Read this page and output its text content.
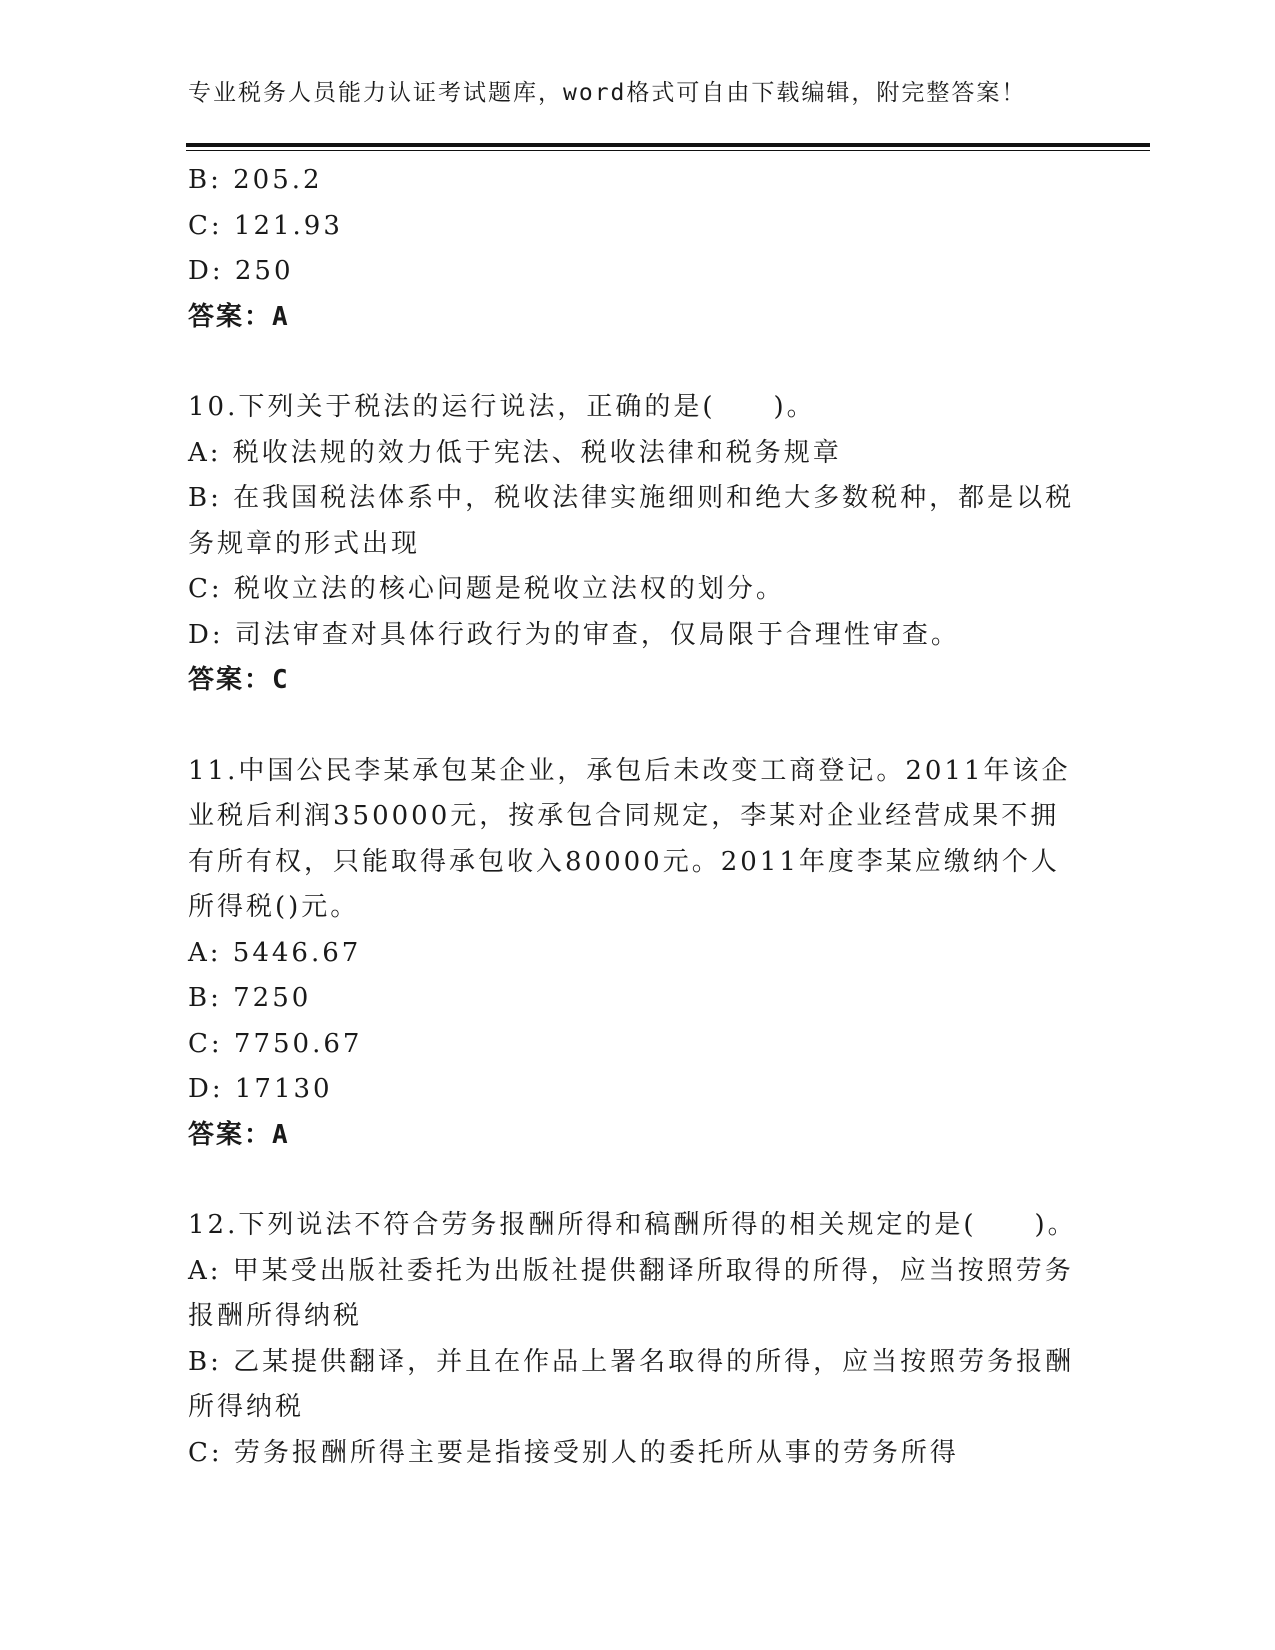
专业税务人员能力认证考试题库，word格式可自由下载编辑，附完整答案！
B: 205.2
C: 121.93
D: 250
答案：A
10.下列关于税法的运行说法，正确的是(　　)。
A: 税收法规的效力低于宪法、税收法律和税务规章
B: 在我国税法体系中，税收法律实施细则和绝大多数税种，都是以税务规章的形式出现
C: 税收立法的核心问题是税收立法权的划分。
D: 司法审查对具体行政行为的审查，仅局限于合理性审查。
答案：C
11.中国公民李某承包某企业，承包后未改变工商登记。2011年该企业税后利润350000元，按承包合同规定，李某对企业经营成果不拥有所有权，只能取得承包收入80000元。2011年度李某应缴纳个人所得税()元。
A: 5446.67
B: 7250
C: 7750.67
D: 17130
答案：A
12.下列说法不符合劳务报酬所得和稿酬所得的相关规定的是(　　)。
A: 甲某受出版社委托为出版社提供翻译所取得的所得，应当按照劳务报酬所得纳税
B: 乙某提供翻译，并且在作品上署名取得的所得，应当按照劳务报酬所得纳税
C: 劳务报酬所得主要是指接受别人的委托所从事的劳务所得
